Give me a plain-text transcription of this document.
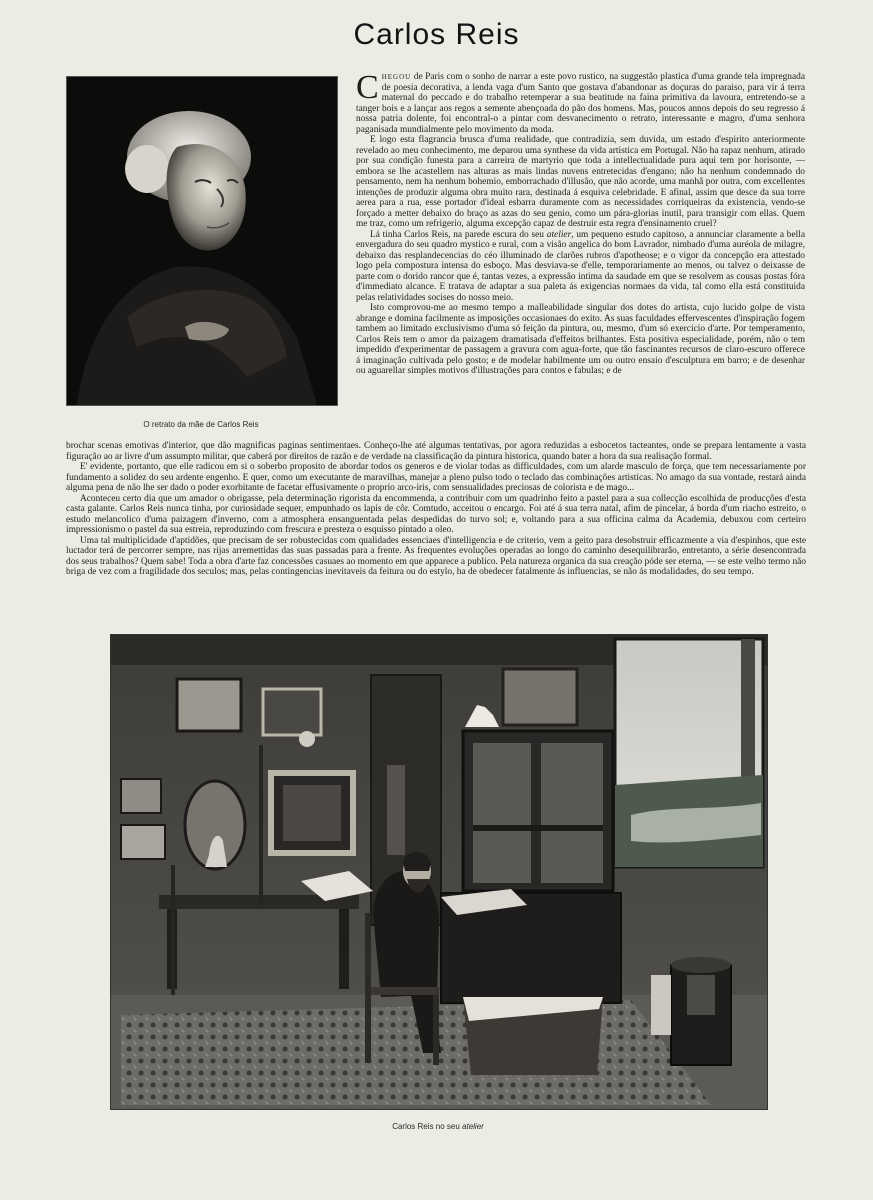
Carlos Reis

O retrato da mãe de Carlos Reis

Chegou de Paris com o sonho de narrar a este povo rustico, na suggestão plastica d'uma grande tela impregnada de poesia decorativa, a lenda vaga d'um Santo que gostava d'abandonar as doçuras do paraiso, para vir á terra maternal do peccado e do trabalho retemperar a sua beatitude na faina primitiva da lavoura, entretendo-se a tanger bois e a lançar aos regos a semente abençoada do pão dos homens. Mas, poucos annos depois do seu regresso á nossa patria dolente, foi encontral-o a pintar com desvanecimento o retrato, interessante e magro, d'uma senhora paganisada mundialmente pelo movimento da moda.

E logo esta flagrancia brusca d'uma realidade, que contradizia, sem duvida, um estado d'espirito anteriormente revelado ao meu conhecimento, me deparou uma synthese da vida artistica em Portugal. Não ha rapaz nenhum, atirado por sua condição funesta para a carreira de martyrio que toda a intellectualidade pura aqui tem por horisonte, — embora se lhe acastellem nas alturas as mais lindas nuvens entretecidas d'engano; não ha nenhum condemnado do pensamento, nem ha nenhum bohemio, emborrachado d'illusão, que não acorde, uma manhã por outra, com excellentes intenções de produzir alguma obra muito rara, destinada á esquiva celebridade. E afinal, assim que desce da sua torre aerea para a rua, esse portador d'ideal esbarra duramente com as necessidades corriqueiras da existencia, vendo-se forçado a metter debaixo do braço as azas do seu genio, como um pára-glorias inutil, para transigir com ellas. Quem me traz, como um refrigerio, alguma excepção capaz de destruir esta regra d'ensinamento cruel?

Lá tinha Carlos Reis, na parede escura do seu atelier, um pequeno estudo capitoso, a annunciar claramente a bella envergadura do seu quadro mystico e rural, com a visão angelica do bom Lavrador, nimbado d'uma auréola de milagre, debaixo das resplandecencias do céo illuminado de clarões rubros d'apotheose; e o vigor da concepção era attestado logo pela compostura intensa do esboço. Mas desviava-se d'elle, temporariamente ao menos, ou talvez o deixasse de parte com o dorido rancor que é, tantas vezes, a expressão intima da saudade em que se resolvem as cousas postas fóra d'immediato alcance. E tratava de adaptar a sua paleta ás exigencias normaes da vida, tal como ella está constituida pelas relatividades socises do nosso meio.

Isto comprovou-me ao mesmo tempo a malleabilidade singular dos dotes do artista, cujo lucido golpe de vista abrange e domina facilmente as imposições occasionaes do exito. As suas faculdades effervescentes d'inspiração fogem tambem ao limitado exclusivismo d'uma só feição da pintura, ou, mesmo, d'um só exercicio d'arte. Por temperamento, Carlos Reis tem o amor da paizagem dramatisada d'effeitos brilhantes. Esta positiva especialidade, porém, não o tem impedido d'experimentar de passagem a gravura com agua-forte, que tão fascinantes recursos de claro-escuro offerece á imaginação cultivada pelo gosto; e de modelar habilmente um ou outro ensaio d'esculptura em barro; e de desenhar ou aguarellar simples motivos d'illustrações para contos e fabulas; e de

brochar scenas emotivas d'interior, que dão magnificas paginas sentimentaes. Conheço-lhe até algumas tentativas, por agora reduzidas a esbocetos tacteantes, onde se prepara lentamente a vasta figuração ao ar livre d'um assumpto militar, que caberá por direitos de razão e de verdade na classificação da pintura historica, quando bater a hora da sua realisação formal.

E' evidente, portanto, que elle radicou em si o soberbo proposito de abordar todos os generos e de violar todas as difficuldades, com um alarde masculo de força, que tem necessariamente por fundamento a solidez do seu ardente engenho. E quer, como um executante de maravilhas, manejar a pleno pulso todo o teclado das combinações artisticas. No amago da sua vontade, restará ainda alguma pena de não lhe ser dado o poder exorbitante de facetar effusivamente o proprio arco-iris, com sensualidades preciosas de colorista e de mago...

Aconteceu certo dia que um amador o obrigasse, pela determinação rigorista da encommenda, a contribuir com um quadrinho feito a pastel para a sua collecção escolhida de producções d'esta casta galante. Carlos Reis nunca tinha, por curiosidade sequer, empunhado os lapis de côr. Comtudo, acceitou o encargo. Foi até á sua terra natal, afim de pincelar, á borda d'um riacho estreito, o estudo melancolico d'uma paizagem d'inverno, com a atmosphera ensanguentada pelas despedidas do turvo sol; e, voltando para a sua officina calma da Academia, debuxou com certeiro impressionismo o pastel da sua estreia, reproduzindo com frescura e presteza o esquisso pintado a oleo.

Uma tal multiplicidade d'aptidões, que precisam de ser robustecidas com qualidades essenciaes d'intelligencia e de criterio, vem a geito para desobstruir efficazmente a via d'espinhos, que este luctador terá de percorrer sempre, nas rijas arremettidas das suas passadas para a frente. As frequentes evoluções operadas ao longo do caminho desequilibrarão, entretanto, a série desencontrada dos seus trabalhos? Quem sabe! Toda a obra d'arte faz concessões casuaes ao momento em que apparece a publico. Pela natureza organica da sua creação póde ser eterna, — se este velho termo não briga de vez com a fragilidade dos seculos; mas, pelas contingencias inevitaveis da feitura ou do estylo, ha de obedecer fatalmente ás influencias, se não ás modalidades, do seu tempo.

Carlos Reis no seu atelier
